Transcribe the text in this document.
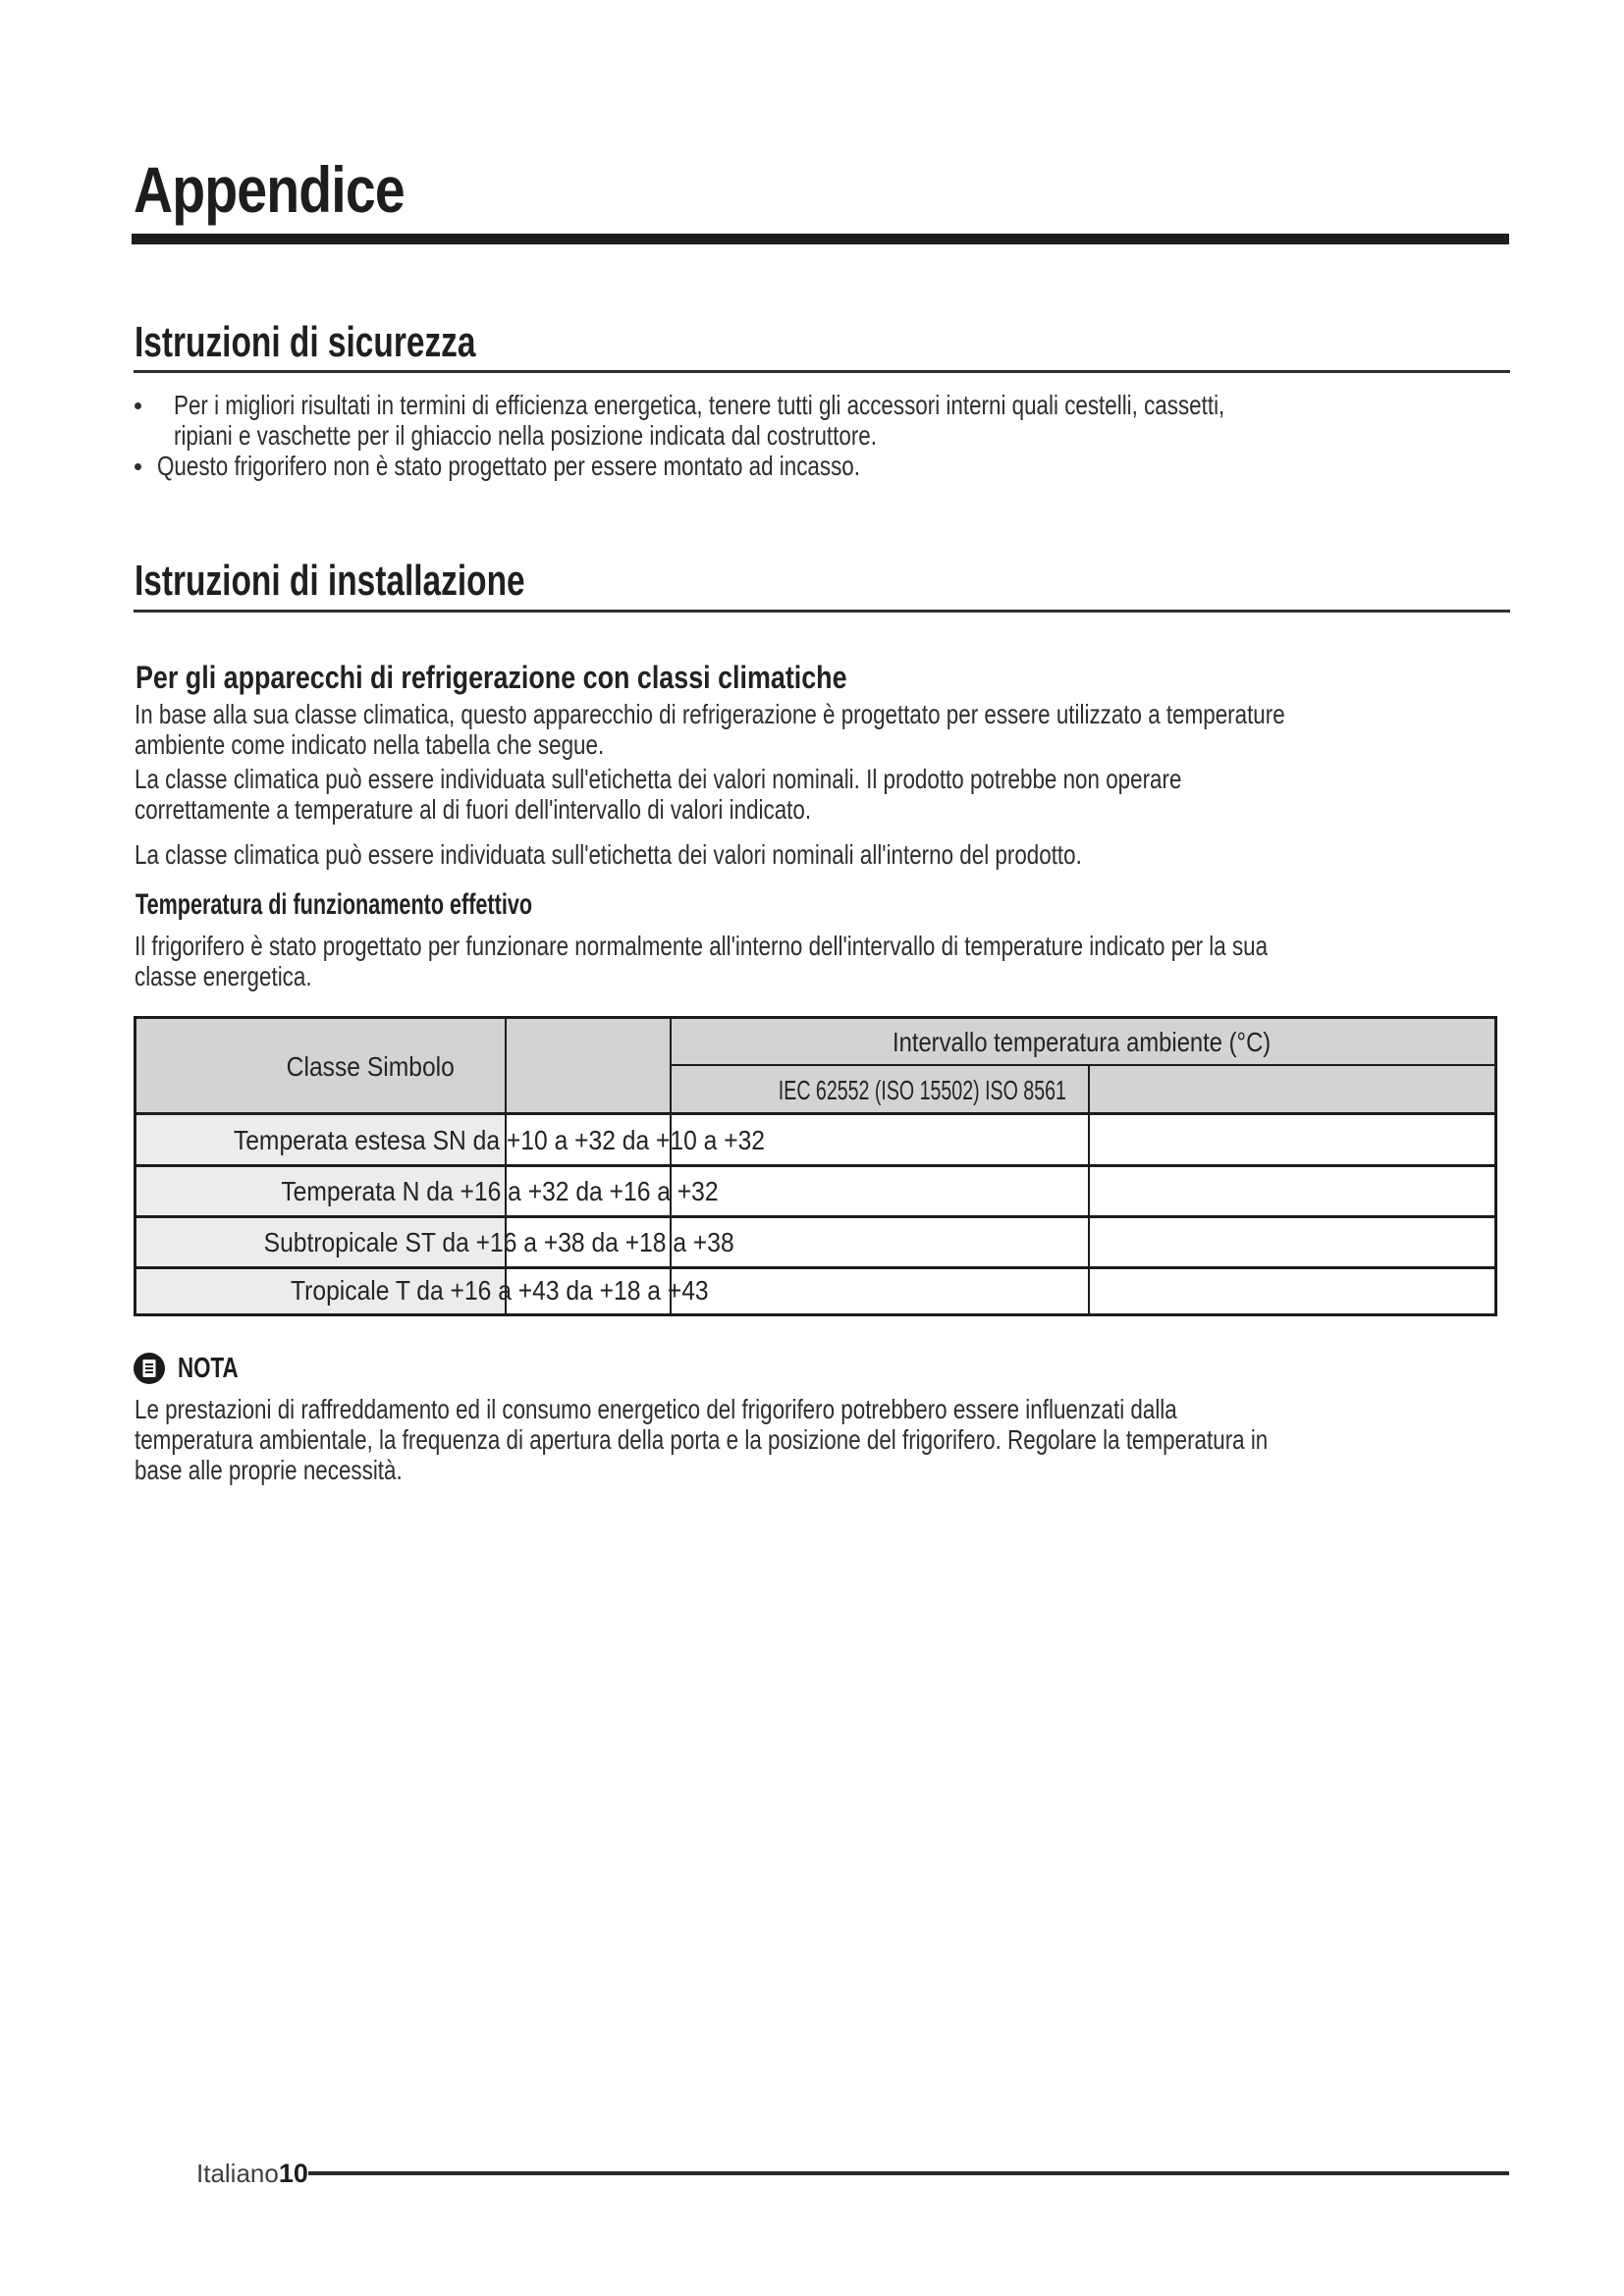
Appendice
Istruzioni di sicurezza
Per i migliori risultati in termini di efficienza energetica, tenere tutti gli accessori interni quali cestelli, cassetti,
ripiani e vaschette per il ghiaccio nella posizione indicata dal costruttore.
Questo frigorifero non è stato progettato per essere montato ad incasso.
Istruzioni di installazione
Per gli apparecchi di refrigerazione con classi climatiche
In base alla sua classe climatica, questo apparecchio di refrigerazione è progettato per essere utilizzato a temperature
ambiente come indicato nella tabella che segue.
La classe climatica può essere individuata sull'etichetta dei valori nominali. Il prodotto potrebbe non operare
correttamente a temperature al di fuori dell'intervallo di valori indicato.
La classe climatica può essere individuata sull'etichetta dei valori nominali all'interno del prodotto.
Temperatura di funzionamento effettivo
Il frigorifero è stato progettato per funzionare normalmente all'interno dell'intervallo di temperature indicato per la sua
classe energetica.
Classe Simbolo
Intervallo temperatura ambiente (°C)
IEC 62552 (ISO 15502) ISO 8561
Temperata estesa SN da +10 a +32 da +10 a +32
Temperata N da +16 a +32 da +16 a +32
Subtropicale ST da +16 a +38 da +18 a +38
Tropicale T da +16 a +43 da +18 a +43
NOTA
Le prestazioni di raffreddamento ed il consumo energetico del frigorifero potrebbero essere influenzati dalla
temperatura ambientale, la frequenza di apertura della porta e la posizione del frigorifero. Regolare la temperatura in
base alle proprie necessità.
Italiano 10
